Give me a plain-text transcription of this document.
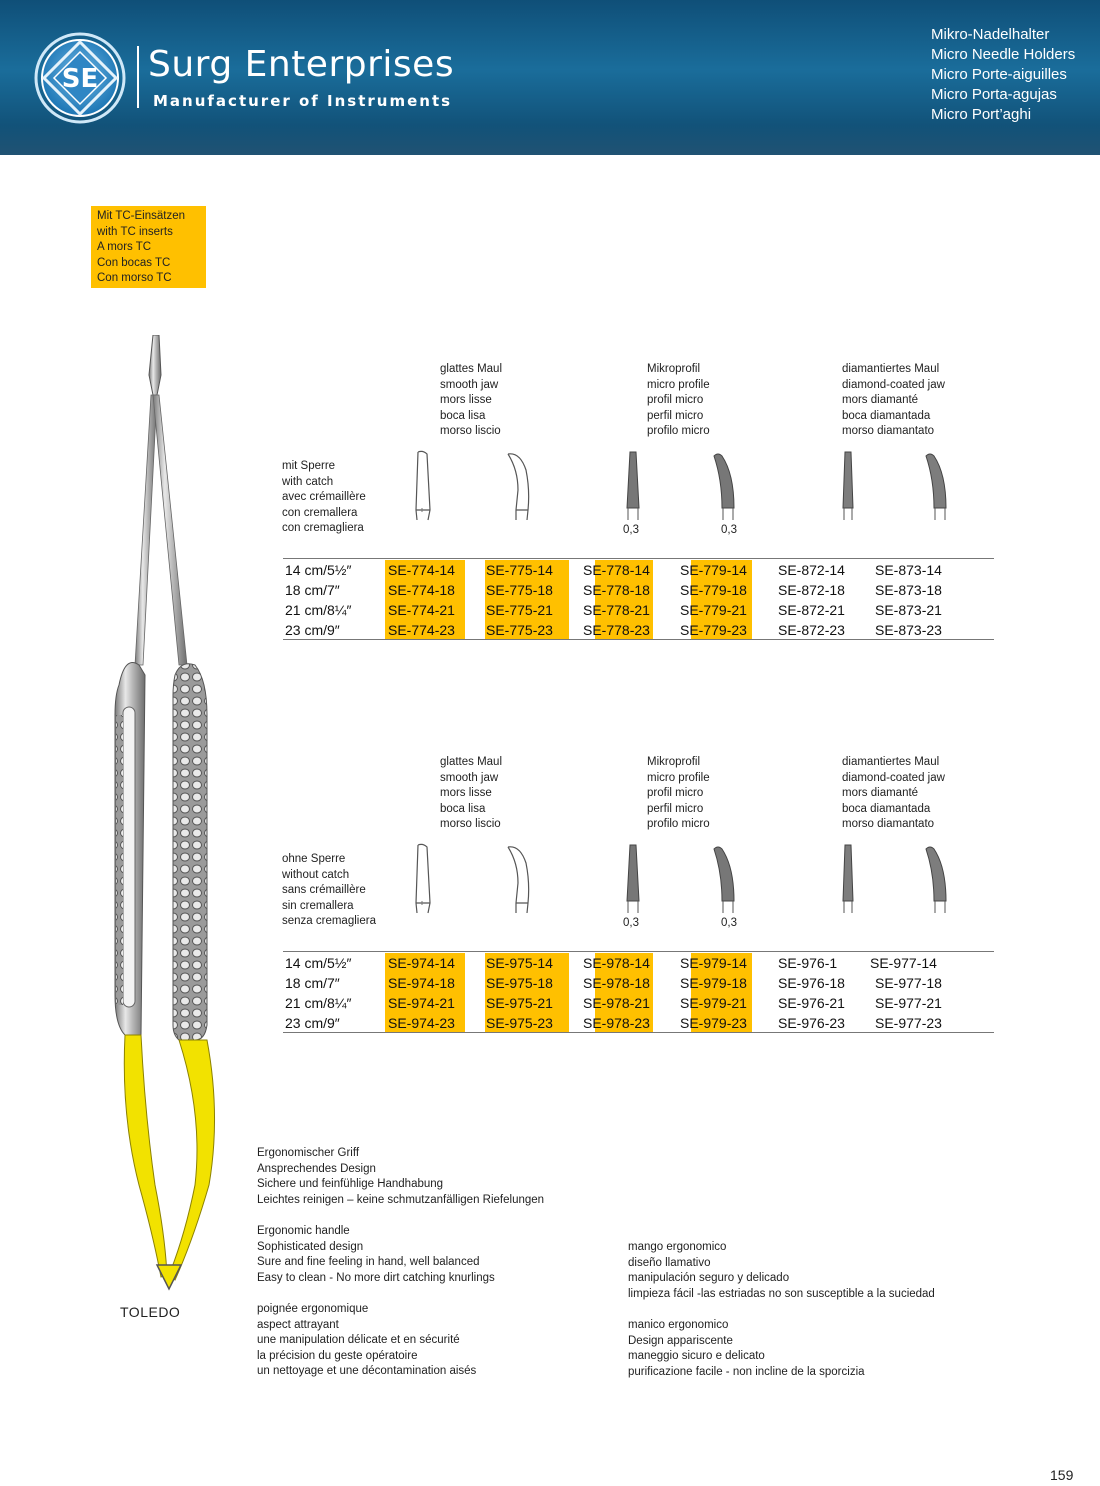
SE Surg Enterprises
Manufacturer of Instruments
Mikro-Nadelhalter
Micro Needle Holders
Micro Porte-aiguilles
Micro Porta-agujas
Micro Port’aghi
Mit TC-Einsätzen
with TC inserts
A mors TC
Con bocas TC
Con morso TC
TOLEDO
glattes Maul
smooth jaw
mors lisse
boca lisa
morso liscio
Mikroprofil
micro profile
profil micro
perfil micro
profilo micro
diamantiertes Maul
diamond-coated jaw
mors diamanté
boca diamantada
morso diamantato
mit Sperre
with catch
avec crémaillère
con cremallera
con cremagliera	0,3	0,3
14 cm/5½″	SE-774-14 SE-775-14 SE-778-14 SE-779-14 SE-872-14 SE-873-14
18 cm/7″	SE-774-18 SE-775-18 SE-778-18 SE-779-18 SE-872-18 SE-873-18
21 cm/8¼″	SE-774-21 SE-775-21 SE-778-21 SE-779-21 SE-872-21 SE-873-21
23 cm/9″	SE-774-23 SE-775-23 SE-778-23 SE-779-23 SE-872-23 SE-873-23
glattes Maul
smooth jaw
mors lisse
boca lisa
morso liscio
Mikroprofil
micro profile
profil micro
perfil micro
profilo micro
diamantiertes Maul
diamond-coated jaw
mors diamanté
boca diamantada
morso diamantato
ohne Sperre
without catch
sans crémaillère
sin cremallera
senza cremagliera	0,3	0,3
14 cm/5½″	SE-974-14 SE-975-14 SE-978-14 SE-979-14 SE-976-1 SE-977-14
18 cm/7″	SE-974-18 SE-975-18 SE-978-18 SE-979-18 SE-976-18 SE-977-18
21 cm/8¼″	SE-974-21 SE-975-21 SE-978-21 SE-979-21 SE-976-21 SE-977-21
23 cm/9″	SE-974-23 SE-975-23 SE-978-23 SE-979-23 SE-976-23 SE-977-23

Ergonomischer Griff
Ansprechendes Design
Sichere und feinfühlige Handhabung
Leichtes reinigen – keine schmutzanfälligen Riefelungen

Ergonomic handle
Sophisticated design
Sure and fine feeling in hand, well balanced
Easy to clean - No more dirt catching knurlings

poignée ergonomique
aspect attrayant
une manipulation délicate et en sécurité
la précision du geste opératoire
un nettoyage et une décontamination aisés

mango ergonomico
diseño llamativo
manipulación seguro y delicado
limpieza fácil -las estriadas no son susceptible a la suciedad

manico ergonomico
Design appariscente
maneggio sicuro e delicato
purificazione facile - non incline de la sporcizia

159
